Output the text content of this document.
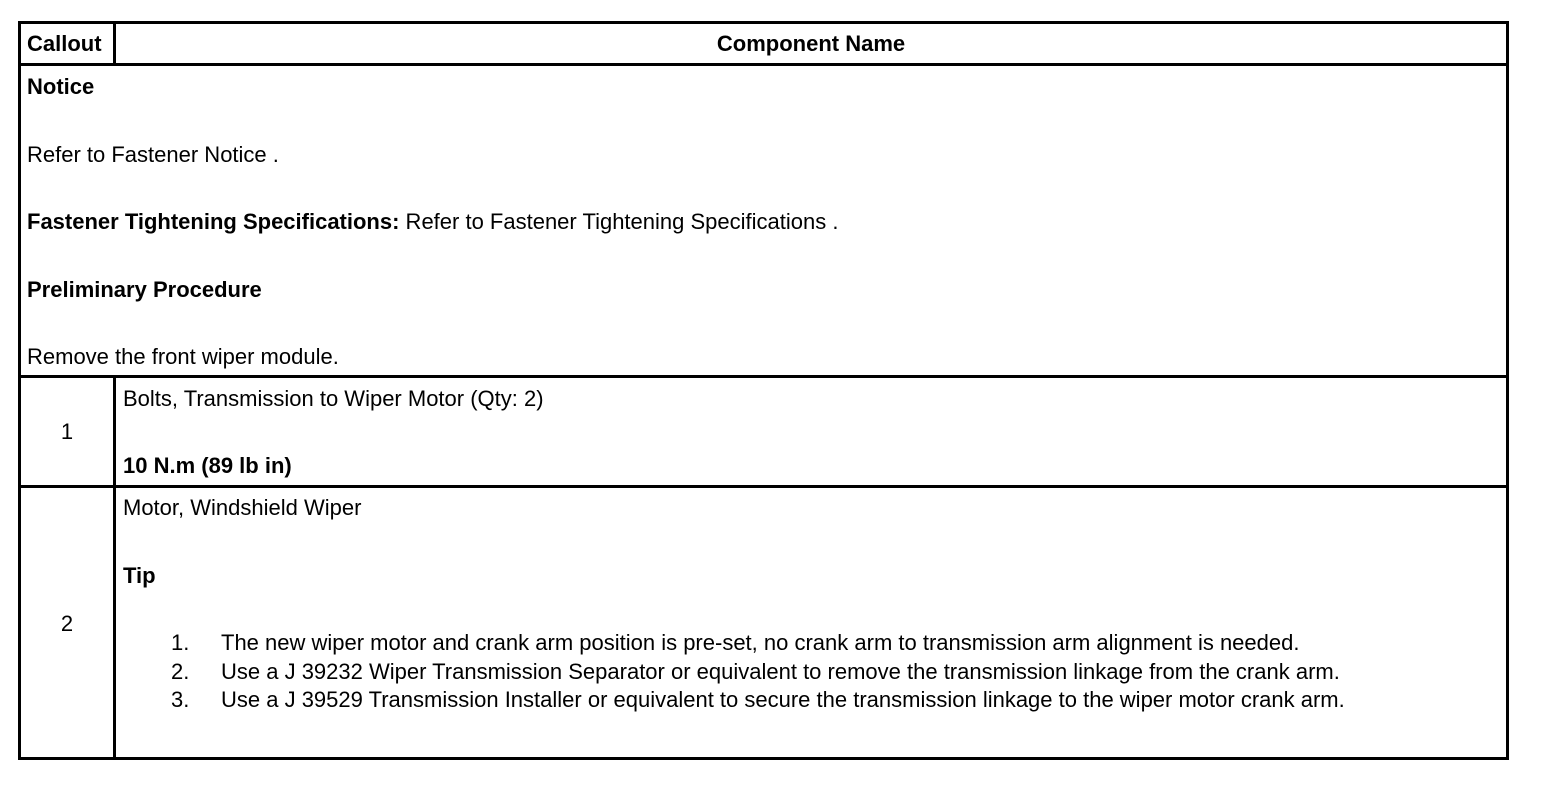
Callout	Component Name
Notice
Refer to Fastener Notice .
Fastener Tightening Specifications: Refer to Fastener Tightening Specifications .
Preliminary Procedure
Remove the front wiper module.
1
Bolts, Transmission to Wiper Motor (Qty: 2)
10 N.m (89 lb in)
2
Motor, Windshield Wiper
Tip
1. The new wiper motor and crank arm position is pre-set, no crank arm to transmission arm alignment is needed.
2. Use a J 39232 Wiper Transmission Separator or equivalent to remove the transmission linkage from the crank arm.
3. Use a J 39529 Transmission Installer or equivalent to secure the transmission linkage to the wiper motor crank arm.
